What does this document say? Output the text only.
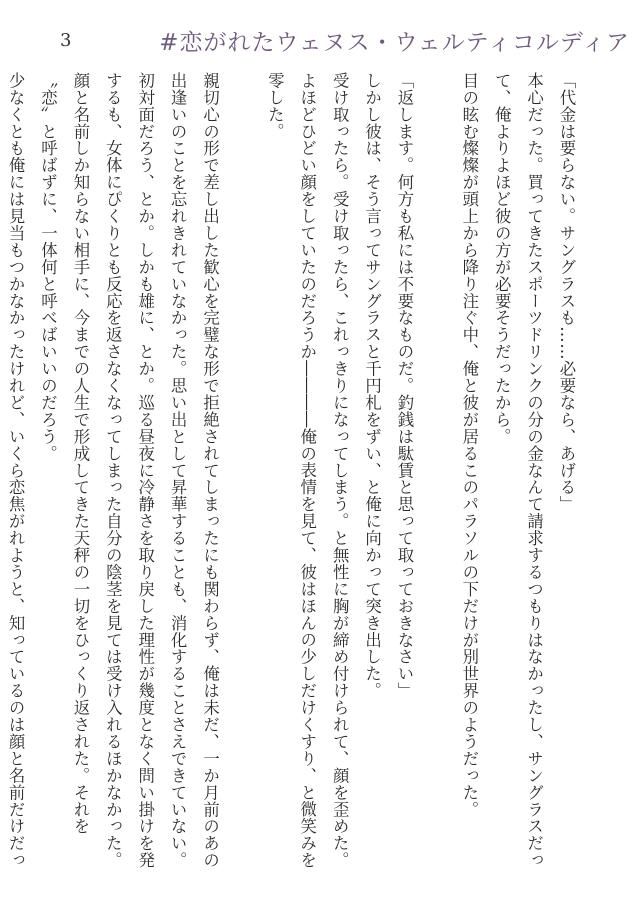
3	#恋がれたウェヌス・ウェルティコルディア

「代金は要らない。サングラスも……必要なら、あげる」

本心だった。買ってきたスポーツドリンクの分の金なんて請求するつもりはなかったし、サングラスだって、俺よりよほど彼の方が必要そうだったから。

目の眩む燦燦が頭上から降り注ぐ中、俺と彼が居るこのパラソルの下だけが別世界のようだった。

「返します。何方も私には不要なものだ。釣銭は駄賃と思って取っておきなさい」

しかし彼は、そう言ってサングラスと千円札をずい、と俺に向かって突き出した。

受け取ったら。受け取ったら、これっきりになってしまう。と無性に胸が締め付けられて、顔を歪めた。

よほどひどい顔をしていたのだろうか――――俺の表情を見て、彼はほんの少しだけくすり、と微笑みを零した。

親切心の形で差し出した歓心を完璧な形で拒絶されてしまったにも関わらず、俺は未だ、一か月前のあの出逢いのことを忘れきれていなかった。思い出として昇華することも、消化することさえできていない。

初対面だろう、とか。しかも雄に、とか。巡る昼夜に冷静さを取り戻した理性が幾度となく問い掛けを発するも、女体にぴくりとも反応を返さなくなってしまった自分の陰茎を見ては受け入れるほかなかった。

顔と名前しか知らない相手に、今までの人生で形成してきた天秤の一切をひっくり返された。それを〝恋〟と呼ばずに、一体何と呼べばいいのだろう。

少なくとも俺には見当もつかなかったけれど、いくら恋焦がれようと、知っているのは顔と名前だけだっ
